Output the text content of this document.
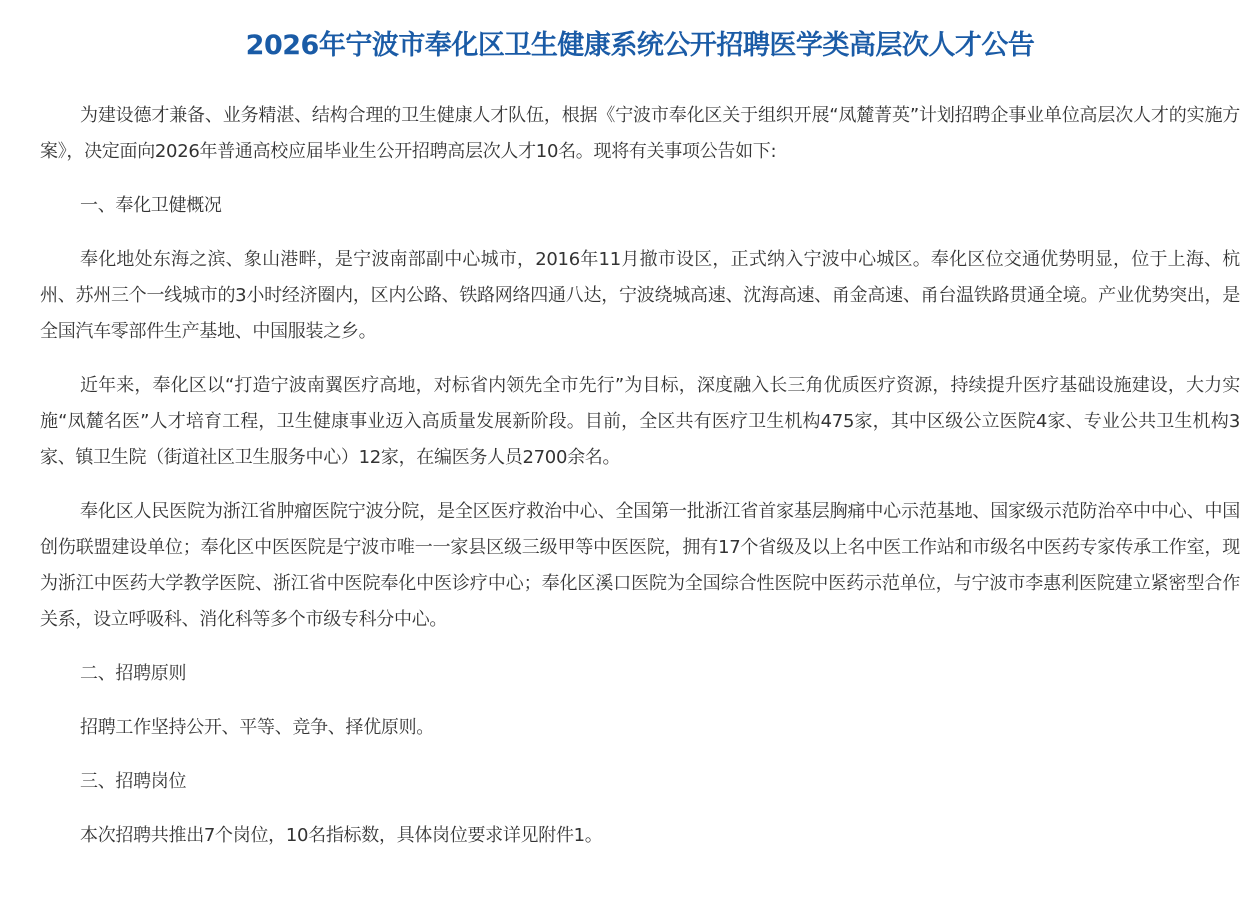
2026年宁波市奉化区卫生健康系统公开招聘医学类高层次人才公告

为建设德才兼备、业务精湛、结构合理的卫生健康人才队伍，根据《宁波市奉化区关于组织开展“凤麓菁英”计划招聘企事业单位高层次人才的实施方案》，决定面向2026年普通高校应届毕业生公开招聘高层次人才10名。现将有关事项公告如下:

一、奉化卫健概况

奉化地处东海之滨、象山港畔，是宁波南部副中心城市，2016年11月撤市设区，正式纳入宁波中心城区。奉化区位交通优势明显，位于上海、杭州、苏州三个一线城市的3小时经济圈内，区内公路、铁路网络四通八达，宁波绕城高速、沈海高速、甬金高速、甬台温铁路贯通全境。产业优势突出，是全国汽车零部件生产基地、中国服装之乡。

近年来，奉化区以“打造宁波南翼医疗高地，对标省内领先全市先行”为目标，深度融入长三角优质医疗资源，持续提升医疗基础设施建设，大力实施“凤麓名医”人才培育工程，卫生健康事业迈入高质量发展新阶段。目前，全区共有医疗卫生机构475家，其中区级公立医院4家、专业公共卫生机构3家、镇卫生院（街道社区卫生服务中心）12家，在编医务人员2700余名。

奉化区人民医院为浙江省肿瘤医院宁波分院，是全区医疗救治中心、全国第一批浙江省首家基层胸痛中心示范基地、国家级示范防治卒中中心、中国创伤联盟建设单位；奉化区中医医院是宁波市唯一一家县区级三级甲等中医医院，拥有17个省级及以上名中医工作站和市级名中医药专家传承工作室，现为浙江中医药大学教学医院、浙江省中医院奉化中医诊疗中心；奉化区溪口医院为全国综合性医院中医药示范单位，与宁波市李惠利医院建立紧密型合作关系，设立呼吸科、消化科等多个市级专科分中心。

二、招聘原则

招聘工作坚持公开、平等、竞争、择优原则。

三、招聘岗位

本次招聘共推出7个岗位，10名指标数，具体岗位要求详见附件1。
